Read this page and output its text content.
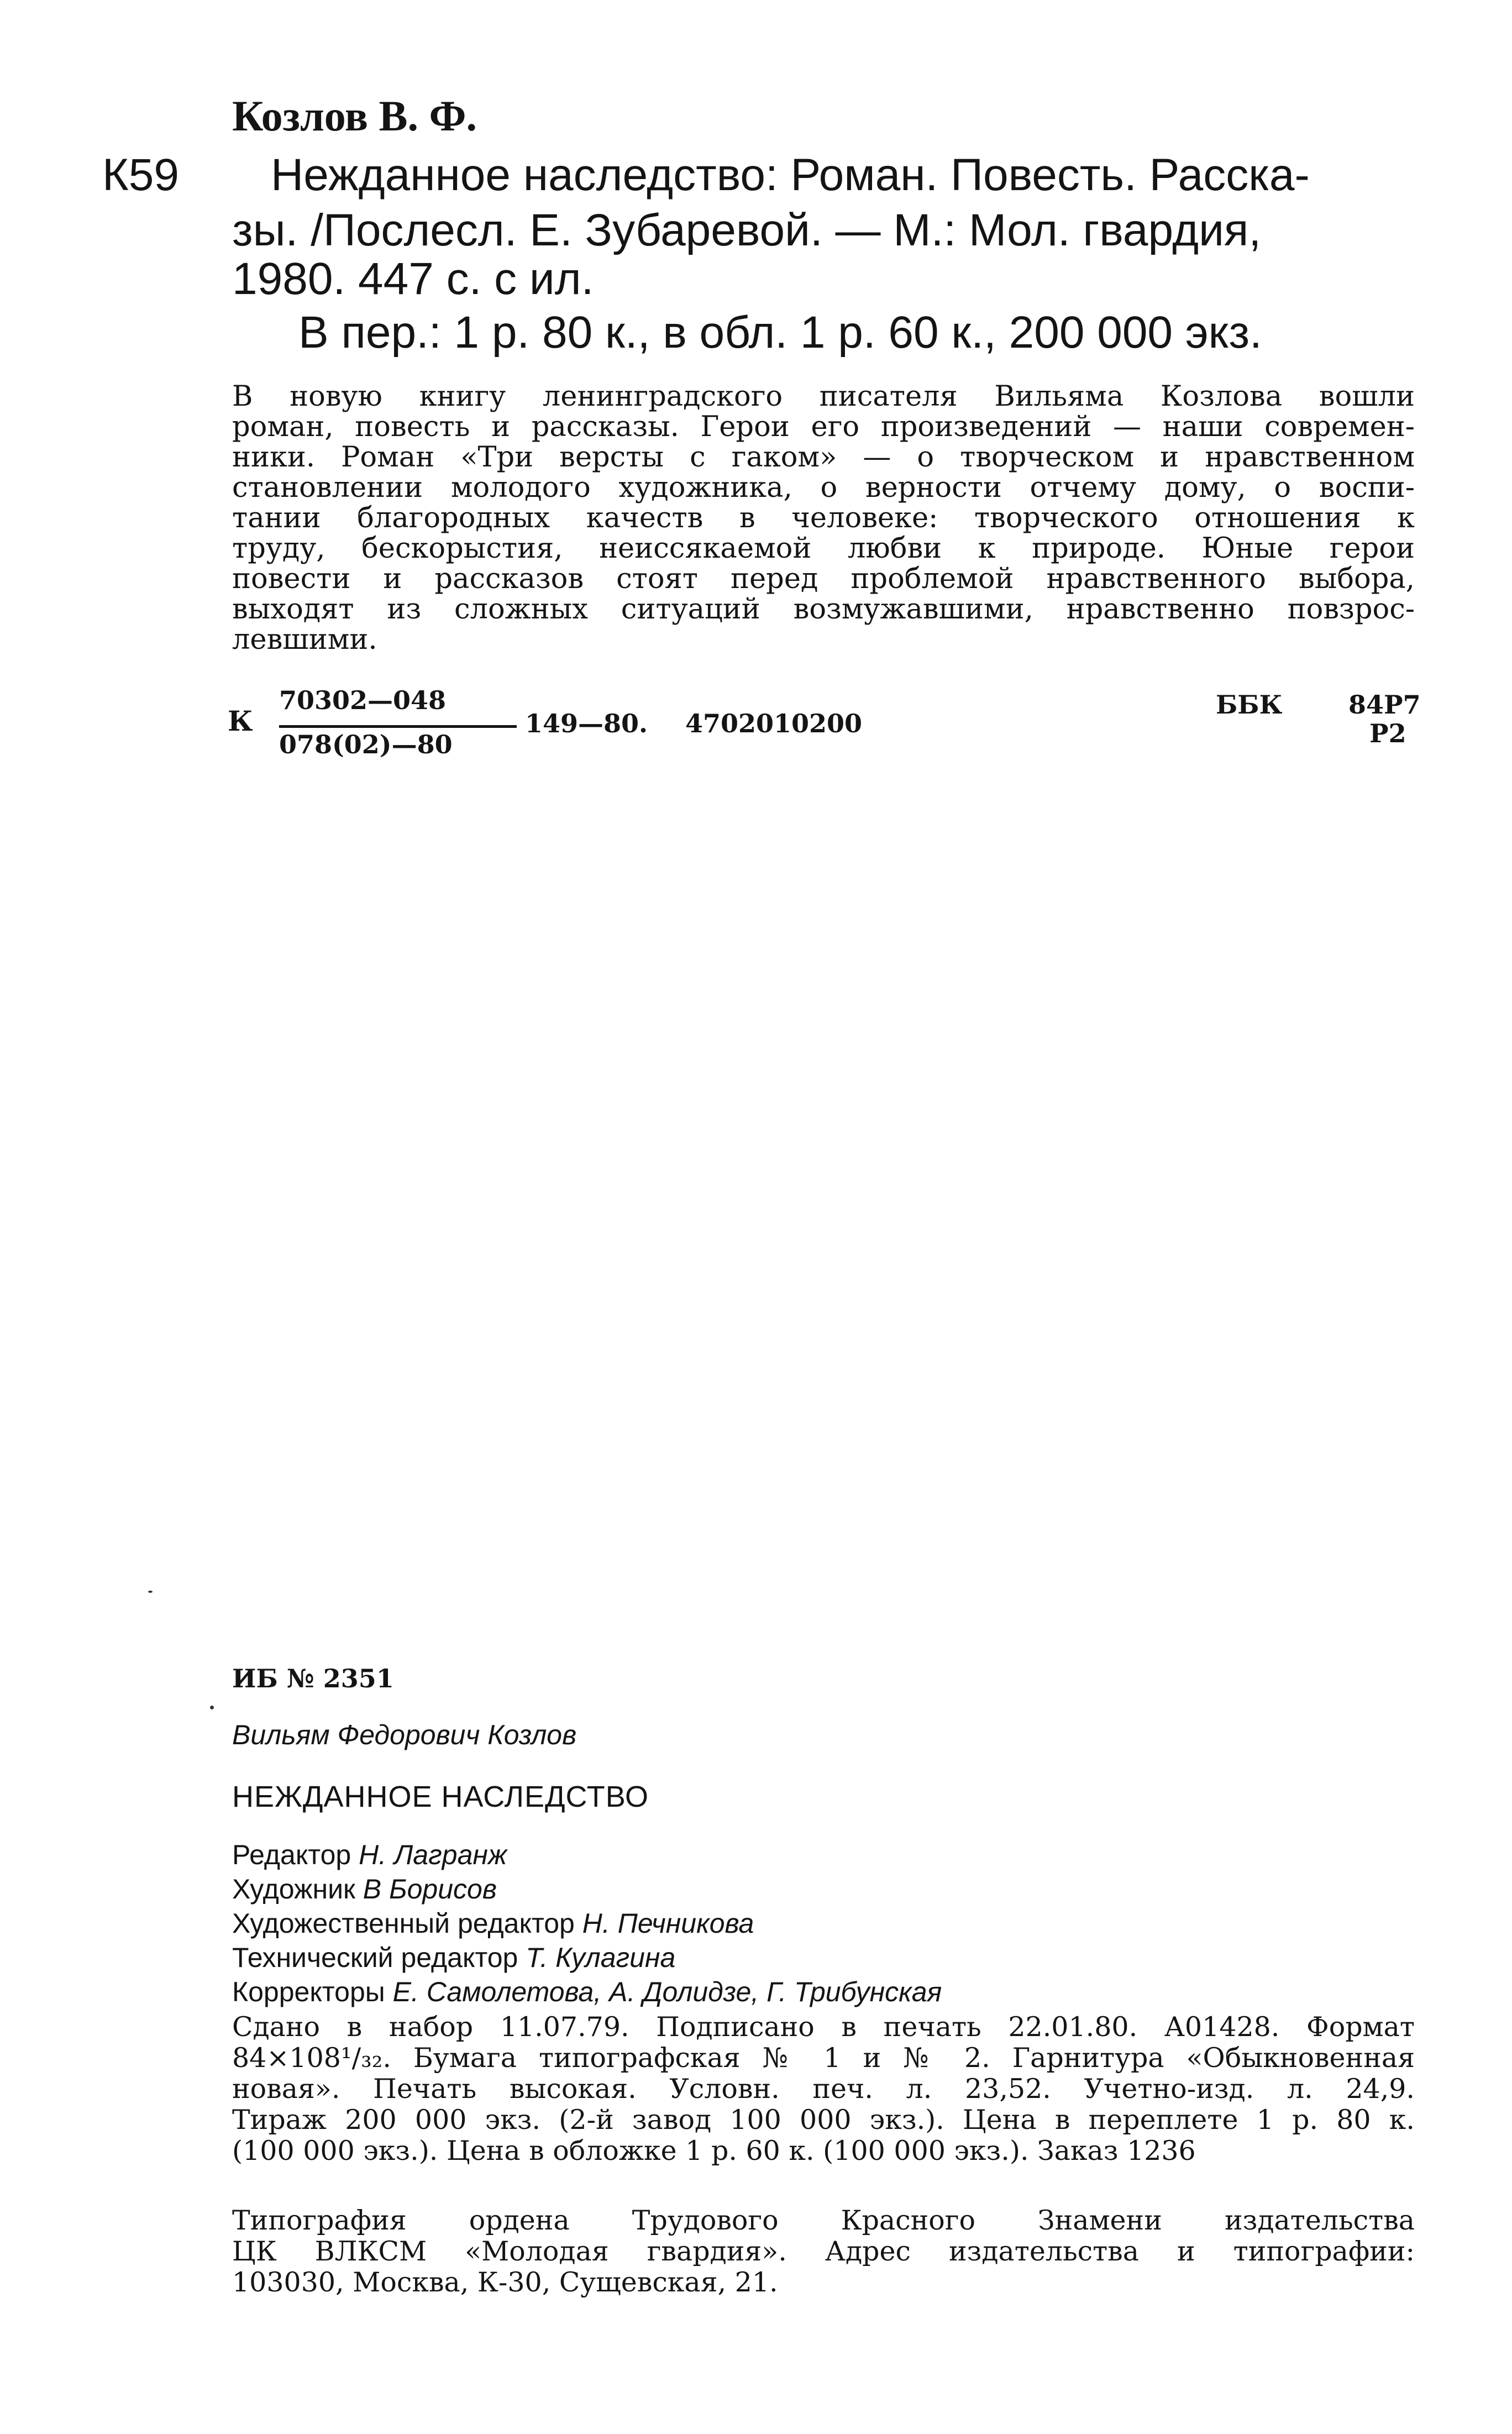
Козлов В. Ф.
К59 Нежданное наследство: Роман. Повесть. Расска-
зы. /Послесл. Е. Зубаревой. — М.: Мол. гвардия,
1980. 447 с. с ил.
В пер.: 1 р. 80 к., в обл. 1 р. 60 к., 200 000 экз.
В новую книгу ленинградского писателя Вильяма Козлова вошли
роман, повесть и рассказы. Герои его произведений — наши современ-
ники. Роман «Три версты с гаком» — о творческом и нравственном
становлении молодого художника, о верности отчему дому, о воспи-
тании благородных качеств в человеке: творческого отношения к
труду, бескорыстия, неиссякаемой любви к природе. Юные герои
повести и рассказов стоят перед проблемой нравственного выбора,
выходят из сложных ситуаций возмужавшими, нравственно повзрос-
левшими.
К
70302—048
078(02)—80
149—80. 4702010200
ББК	84Р7
Р2
ИБ № 2351
Вильям Федорович Козлов
НЕЖДАННОЕ НАСЛЕДСТВО
Редактор Н. Лагранж
Художник В Борисов
Художественный редактор Н. Печникова
Технический редактор Т. Кулагина
Корректоры Е. Самолетова, А. Долидзе, Г. Трибунская
Сдано в набор 11.07.79. Подписано в печать 22.01.80. А01428. Формат
84×108¹/₃₂. Бумага типографская № 1 и № 2. Гарнитура «Обыкновенная
новая». Печать высокая. Условн. печ. л. 23,52. Учетно-изд. л. 24,9.
Тираж 200 000 экз. (2-й завод 100 000 экз.). Цена в переплете 1 р. 80 к.
(100 000 экз.). Цена в обложке 1 р. 60 к. (100 000 экз.). Заказ 1236
Типография ордена Трудового Красного Знамени издательства
ЦК ВЛКСМ «Молодая гвардия». Адрес издательства и типографии:
103030, Москва, К-30, Сущевская, 21.
